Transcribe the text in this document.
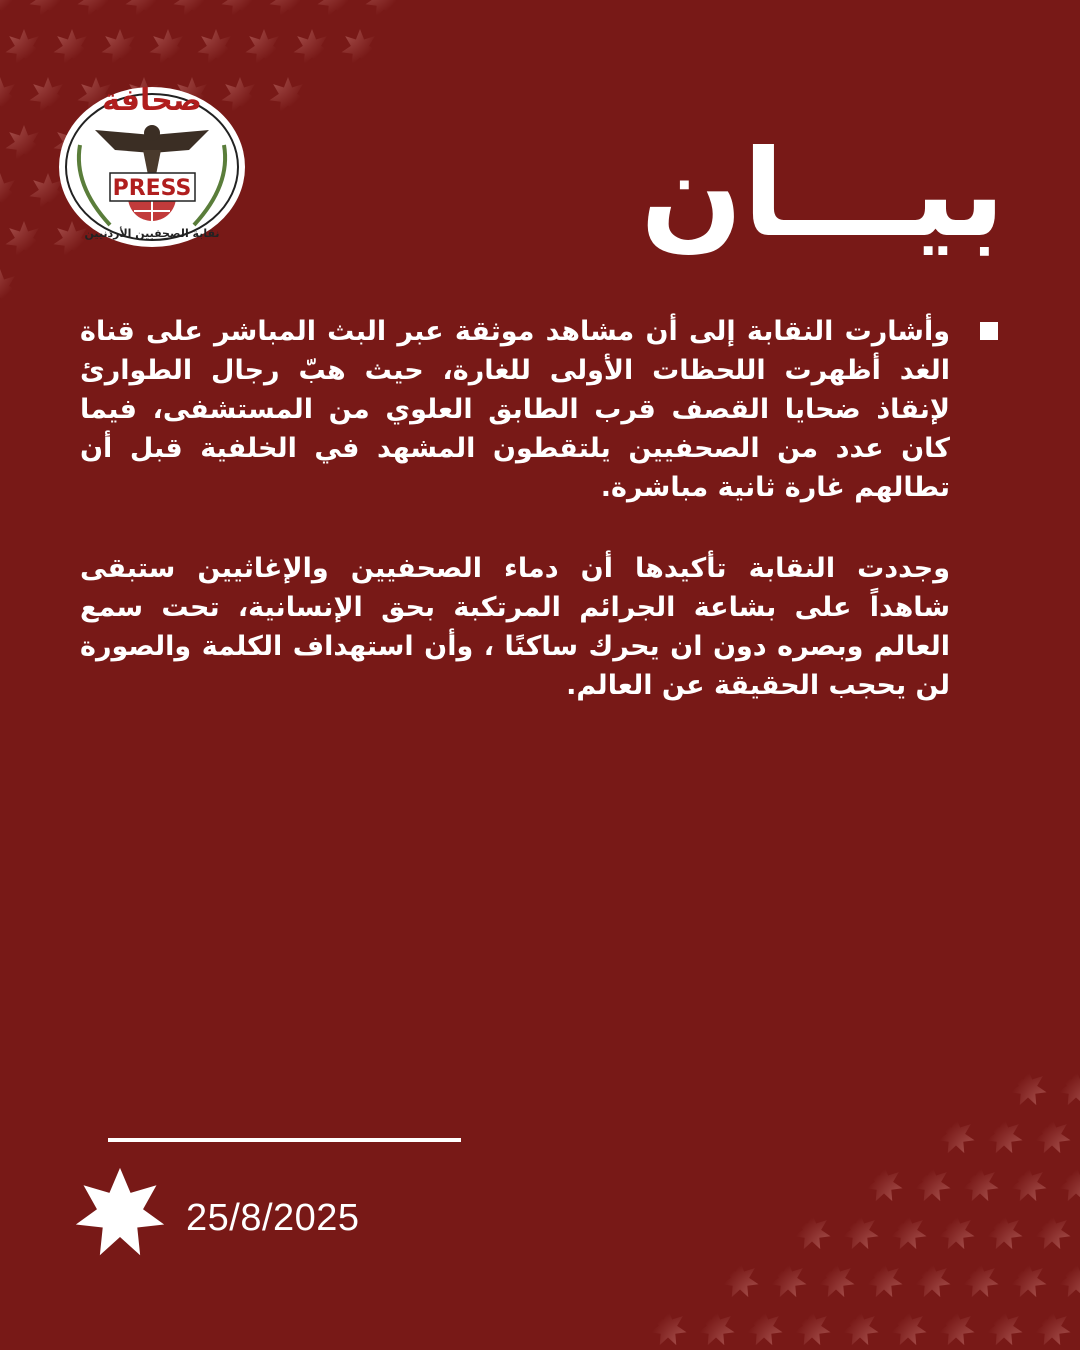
صحافة
PRESS
نقابة الصحفيين الأردنيين	بيـــان

وأشارت النقابة إلى أن مشاهد موثقة عبر البث المباشر على قناة الغد أظهرت اللحظات الأولى للغارة، حيث هبّ رجال الطوارئ لإنقاذ ضحايا القصف قرب الطابق العلوي من المستشفى، فيما كان عدد من الصحفيين يلتقطون المشهد في الخلفية قبل أن تطالهم غارة ثانية مباشرة.

وجددت النقابة تأكيدها أن دماء الصحفيين والإغاثيين ستبقى شاهداً على بشاعة الجرائم المرتكبة بحق الإنسانية، تحت سمع العالم وبصره دون ان يحرك ساكنًا ، وأن استهداف الكلمة والصورة لن يحجب الحقيقة عن العالم.

25/8/2025
